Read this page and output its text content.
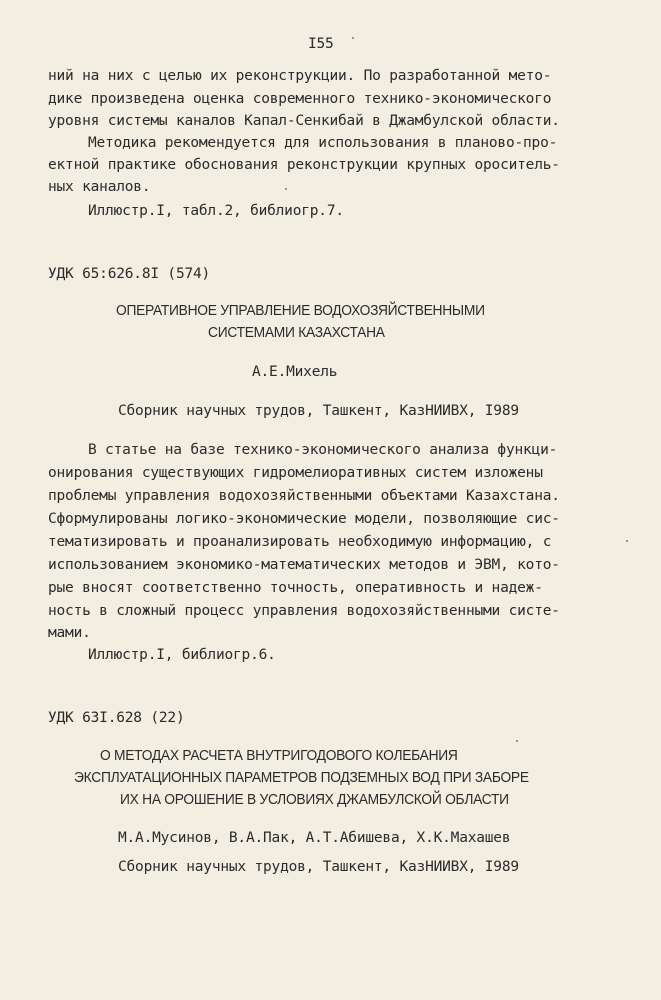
I55
ний на них с целью их реконструкции. По разработанной мето-
дике произведена оценка современного технико-экономического
уровня системы каналов Капал-Сенкибай в Джамбулской области.
Методика рекомендуется для использования в планово-про-
ектной практике обоснования реконструкции крупных ороситель-
ных каналов.
Иллюстр.I, табл.2, библиогр.7.
УДК 65:626.8I (574)
ОПЕРАТИВНОЕ УПРАВЛЕНИЕ ВОДОХОЗЯЙСТВЕННЫМИ
СИСТЕМАМИ КАЗАХСТАНА
А.Е.Михель
Сборник научных трудов, Ташкент, КазНИИВХ, I989
В статье на базе технико-экономического анализа функци-
онирования существующих гидромелиоративных систем изложены
проблемы управления водохозяйственными объектами Казахстана.
Сформулированы логико-экономические модели, позволяющие сис-
тематизировать и проанализировать необходимую информацию, с
использованием экономико-математических методов и ЭВМ, кото-
рые вносят соответственно точность, оперативность и надеж-
ность в сложный процесс управления водохозяйственными систе-
мами.
Иллюстр.I, библиогр.6.
УДК 63I.628 (22)
О МЕТОДАХ РАСЧЕТА ВНУТРИГОДОВОГО КОЛЕБАНИЯ
ЭКСПЛУАТАЦИОННЫХ ПАРАМЕТРОВ ПОДЗЕМНЫХ ВОД ПРИ ЗАБОРЕ
ИХ НА ОРОШЕНИЕ В УСЛОВИЯХ ДЖАМБУЛСКОЙ ОБЛАСТИ
М.А.Мусинов, В.А.Пак, А.Т.Абишева, Х.К.Махашев
Сборник научных трудов, Ташкент, КазНИИВХ, I989
